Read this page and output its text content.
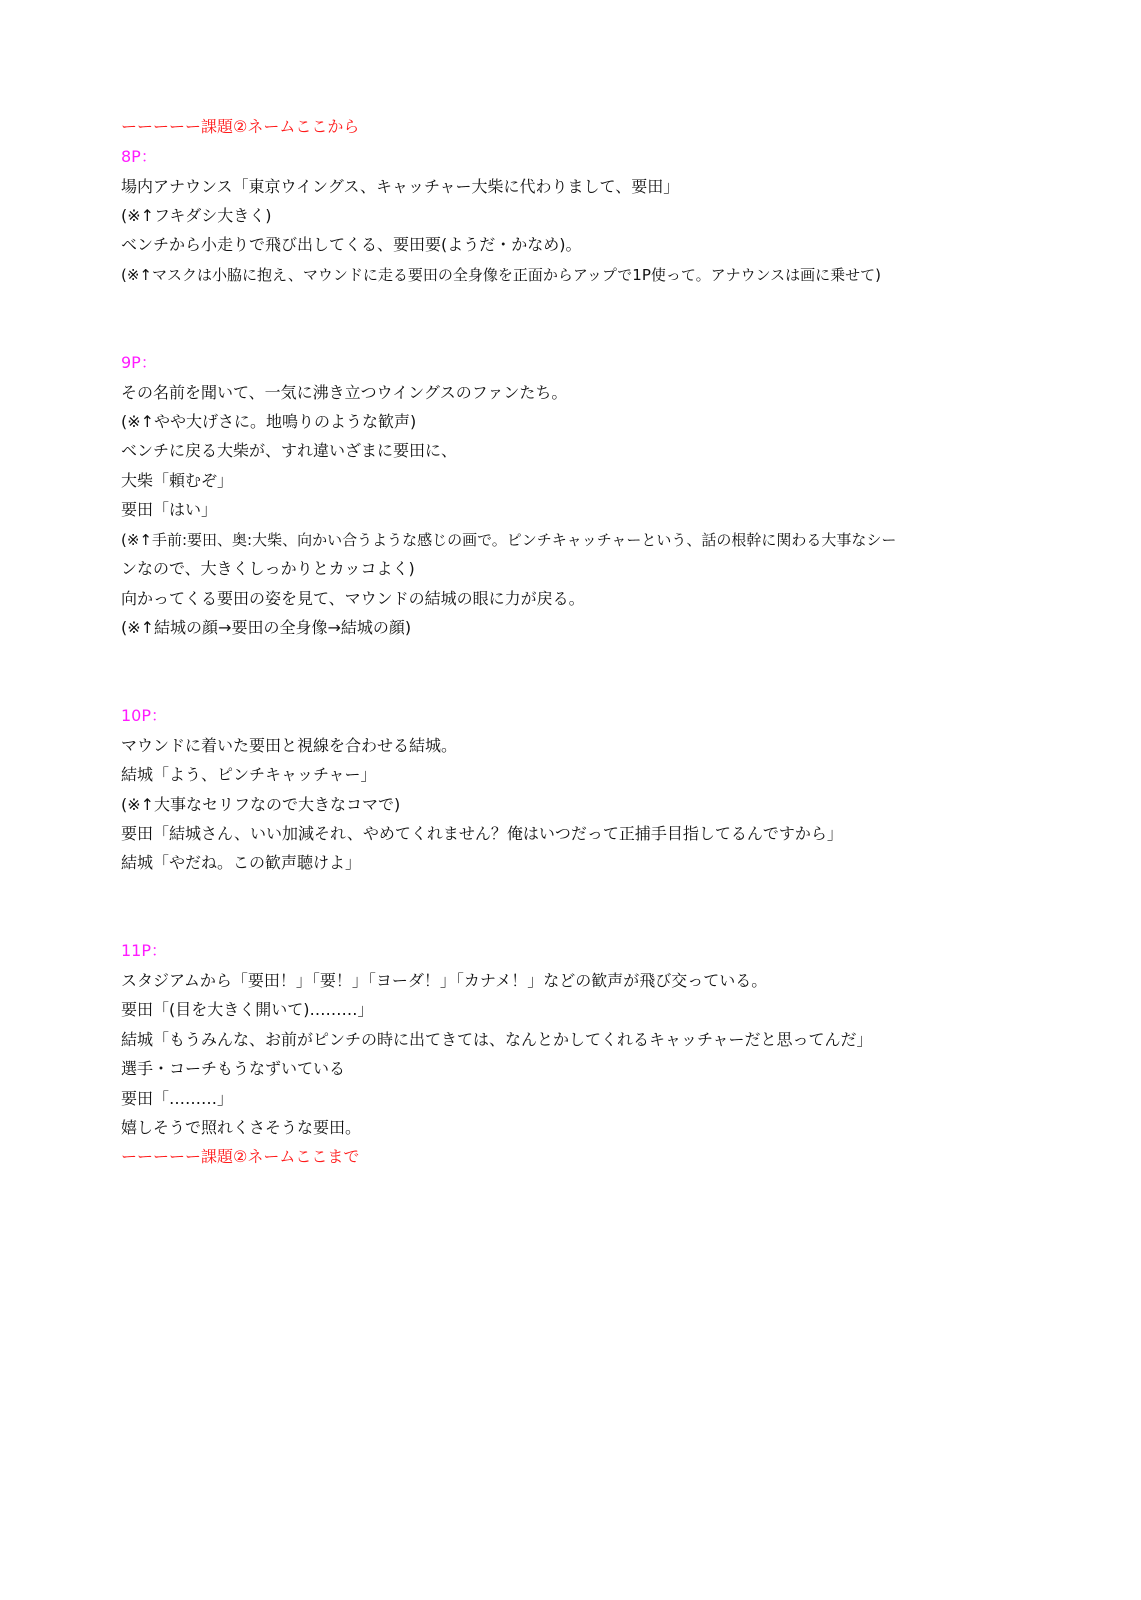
ーーーーー課題②ネームここから
8P：
場内アナウンス「東京ウイングス、キャッチャー大柴に代わりまして、要田」
(※↑フキダシ大きく)
ベンチから小走りで飛び出してくる、要田要(ようだ・かなめ)。
(※↑マスクは小脇に抱え、マウンドに走る要田の全身像を正面からアップで1P使って。アナウンスは画に乗せて)
9P：
その名前を聞いて、一気に沸き立つウイングスのファンたち。
(※↑やや大げさに。地鳴りのような歓声)
ベンチに戻る大柴が、すれ違いざまに要田に、
大柴「頼むぞ」
要田「はい」
(※↑手前:要田、奥:大柴、向かい合うような感じの画で。ピンチキャッチャーという、話の根幹に関わる大事なシー
ンなので、大きくしっかりとカッコよく)
向かってくる要田の姿を見て、マウンドの結城の眼に力が戻る。
(※↑結城の顔→要田の全身像→結城の顔)
10P：
マウンドに着いた要田と視線を合わせる結城。
結城「よう、ピンチキャッチャー」
(※↑大事なセリフなので大きなコマで)
要田「結城さん、いい加減それ、やめてくれません？俺はいつだって正捕手目指してるんですから」
結城「やだね。この歓声聴けよ」
11P：
スタジアムから「要田！」「要！」「ヨーダ！」「カナメ！」などの歓声が飛び交っている。
要田「(目を大きく開いて)………」
結城「もうみんな、お前がピンチの時に出てきては、なんとかしてくれるキャッチャーだと思ってんだ」
選手・コーチもうなずいている
要田「………」
嬉しそうで照れくさそうな要田。
ーーーーー課題②ネームここまで
